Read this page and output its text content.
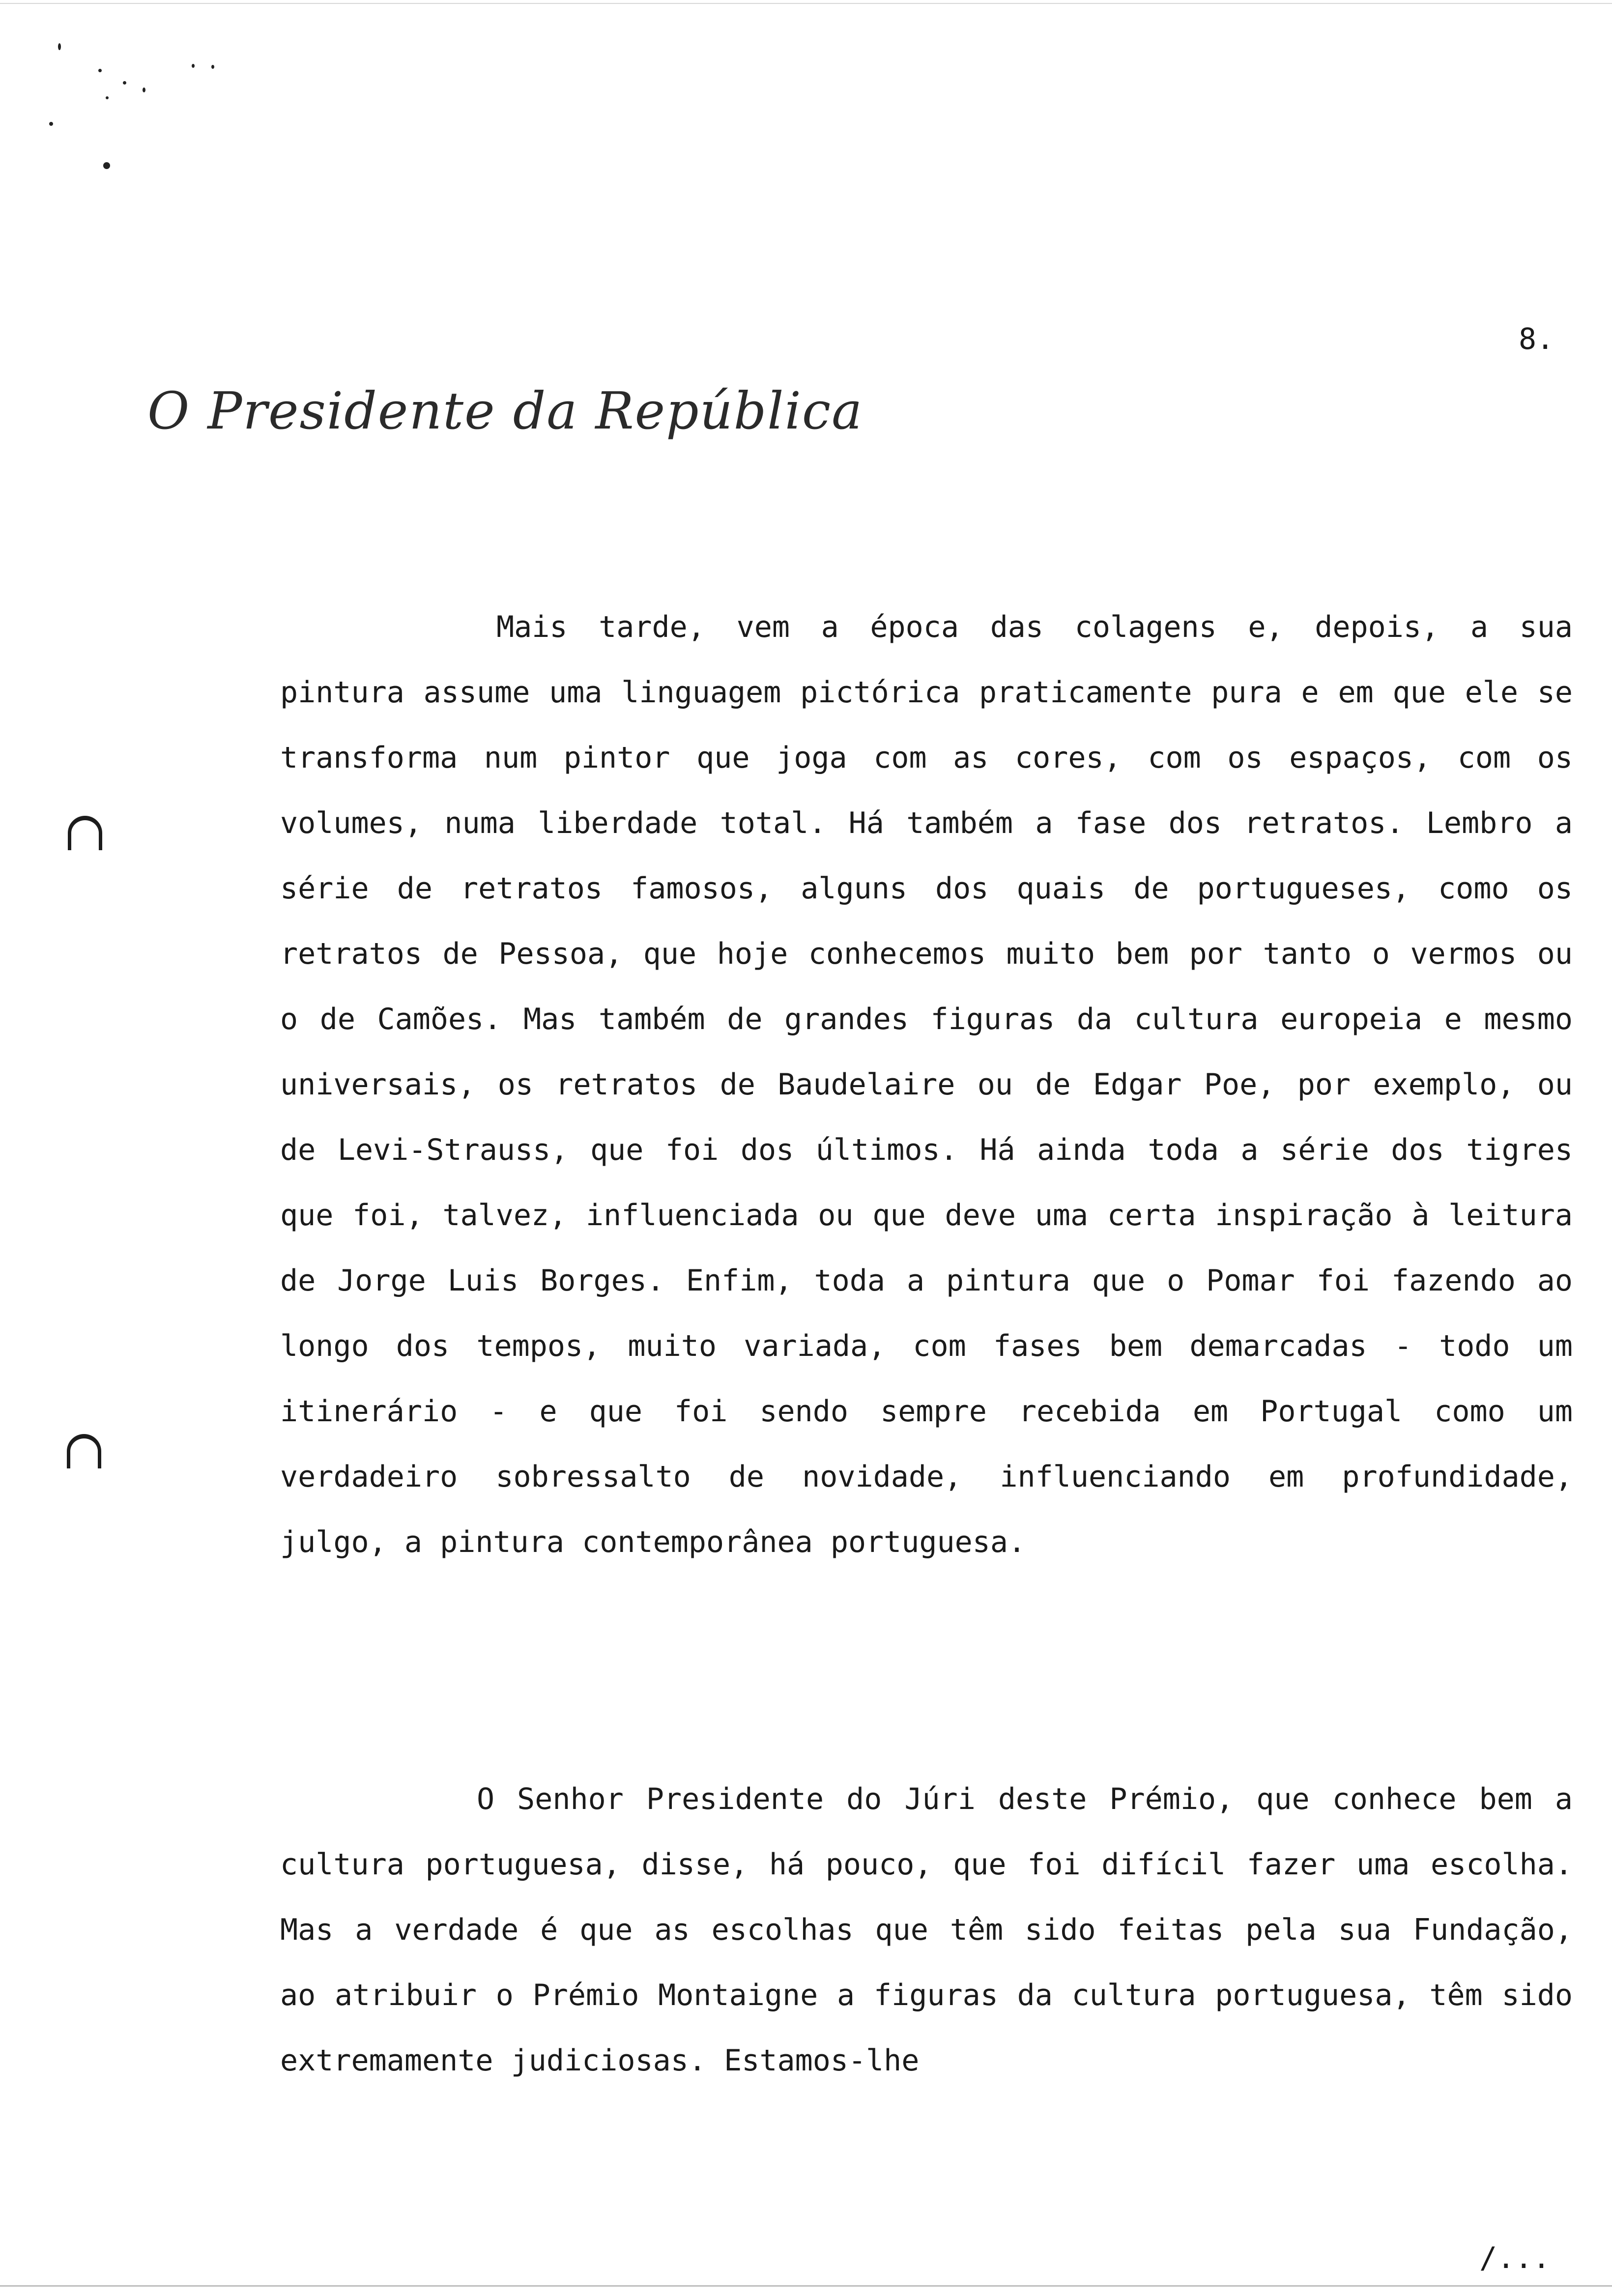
8.
O Presidente da República

Mais tarde, vem a época das colagens e, depois, a sua pintura assume uma linguagem pictórica praticamente pura e em que ele se transforma num pintor que joga com as cores, com os espaços, com os volumes, numa liberdade total. Há também a fase dos retratos. Lembro a série de retratos famosos, alguns dos quais de portugueses, como os retratos de Pessoa, que hoje conhecemos muito bem por tanto o vermos ou o de Camões. Mas também de grandes figuras da cultura europeia e mesmo universais, os retratos de Baudelaire ou de Edgar Poe, por exemplo, ou de Levi-Strauss, que foi dos últimos. Há ainda toda a série dos tigres que foi, talvez, influenciada ou que deve uma certa inspiração à leitura de Jorge Luis Borges. Enfim, toda a pintura que o Pomar foi fazendo ao longo dos tempos, muito variada, com fases bem demarcadas - todo um itinerário - e que foi sendo sempre recebida em Portugal como um verdadeiro sobressalto de novidade, influenciando em profundidade, julgo, a pintura contemporânea portuguesa.

O Senhor Presidente do Júri deste Prémio, que conhece bem a cultura portuguesa, disse, há pouco, que foi difícil fazer uma escolha. Mas a verdade é que as escolhas que têm sido feitas pela sua Fundação, ao atribuir o Prémio Montaigne a figuras da cultura portuguesa, têm sido extremamente judiciosas. Estamos-lhe

/...
